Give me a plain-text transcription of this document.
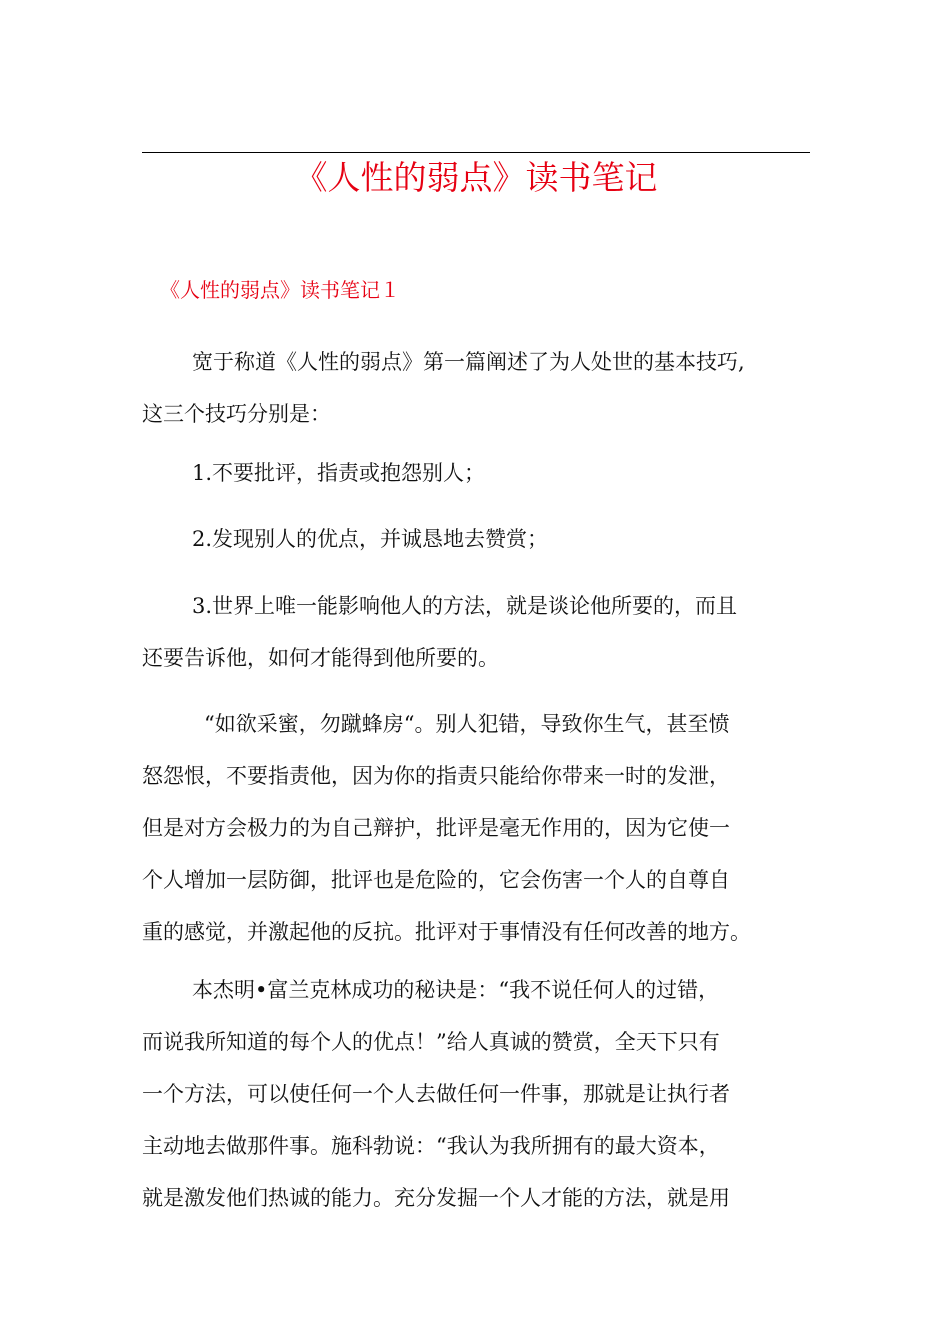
《人性的弱点》读书笔记
《人性的弱点》读书笔记１
宽于称道《人性的弱点》第一篇阐述了为人处世的基本技巧,
这三个技巧分别是：
1.不要批评，指责或抱怨别人；
2.发现别人的优点，并诚恳地去赞赏；
3.世界上唯一能影响他人的方法，就是谈论他所要的，而且
还要告诉他，如何才能得到他所要的。
“如欲采蜜，勿蹴蜂房“。别人犯错，导致你生气，甚至愤
怒怨恨，不要指责他，因为你的指责只能给你带来一时的发泄，
但是对方会极力的为自己辩护，批评是毫无作用的，因为它使一
个人增加一层防御，批评也是危险的，它会伤害一个人的自尊自
重的感觉，并激起他的反抗。批评对于事情没有任何改善的地方。
本杰明•富兰克林成功的秘诀是：“我不说任何人的过错，
而说我所知道的每个人的优点！”给人真诚的赞赏，全天下只有
一个方法，可以使任何一个人去做任何一件事，那就是让执行者
主动地去做那件事。施科勃说：“我认为我所拥有的最大资本，
就是激发他们热诚的能力。充分发掘一个人才能的方法，就是用
